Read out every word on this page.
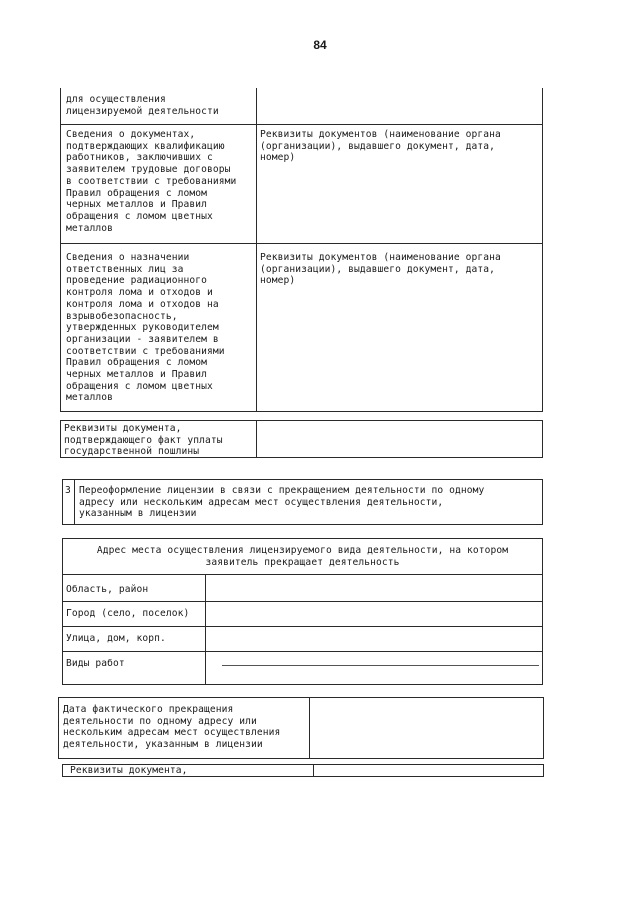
84
для осуществления
лицензируемой деятельности
Сведения о документах,
подтверждающих квалификацию
работников, заключивших с
заявителем трудовые договоры
в соответствии с требованиями
Правил обращения с ломом
черных металлов и Правил
обращения с ломом цветных
металлов
Реквизиты документов (наименование органа
(организации), выдавшего документ, дата,
номер)
Сведения о назначении
ответственных лиц за
проведение радиационного
контроля лома и отходов и
контроля лома и отходов на
взрывобезопасность,
утвержденных руководителем
организации - заявителем в
соответствии с требованиями
Правил обращения с ломом
черных металлов и Правил
обращения с ломом цветных
металлов
Реквизиты документов (наименование органа
(организации), выдавшего документ, дата,
номер)
Реквизиты документа,
подтверждающего факт уплаты
государственной пошлины
3 Переоформление лицензии в связи с прекращением деятельности по одному
адресу или нескольким адресам мест осуществления деятельности,
указанным в лицензии
Адрес места осуществления лицензируемого вида деятельности, на котором
заявитель прекращает деятельность
Область, район
Город (село, поселок)
Улица, дом, корп.
Виды работ
Дата фактического прекращения
деятельности по одному адресу или
нескольким адресам мест осуществления
деятельности, указанным в лицензии
Реквизиты документа,
